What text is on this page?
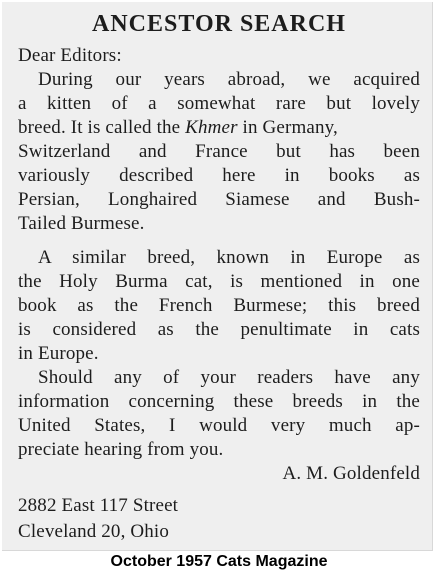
ANCESTOR SEARCH
Dear Editors:
During our years abroad, we acquired
a kitten of a somewhat rare but lovely
breed. It is called the Khmer in Germany,
Switzerland and France but has been
variously described here in books as
Persian, Longhaired Siamese and Bush-
Tailed Burmese.
A similar breed, known in Europe as
the Holy Burma cat, is mentioned in one
book as the French Burmese; this breed
is considered as the penultimate in cats
in Europe.
Should any of your readers have any
information concerning these breeds in the
United States, I would very much ap-
preciate hearing from you.
A. M. Goldenfeld
2882 East 117 Street
Cleveland 20, Ohio
October 1957 Cats Magazine
